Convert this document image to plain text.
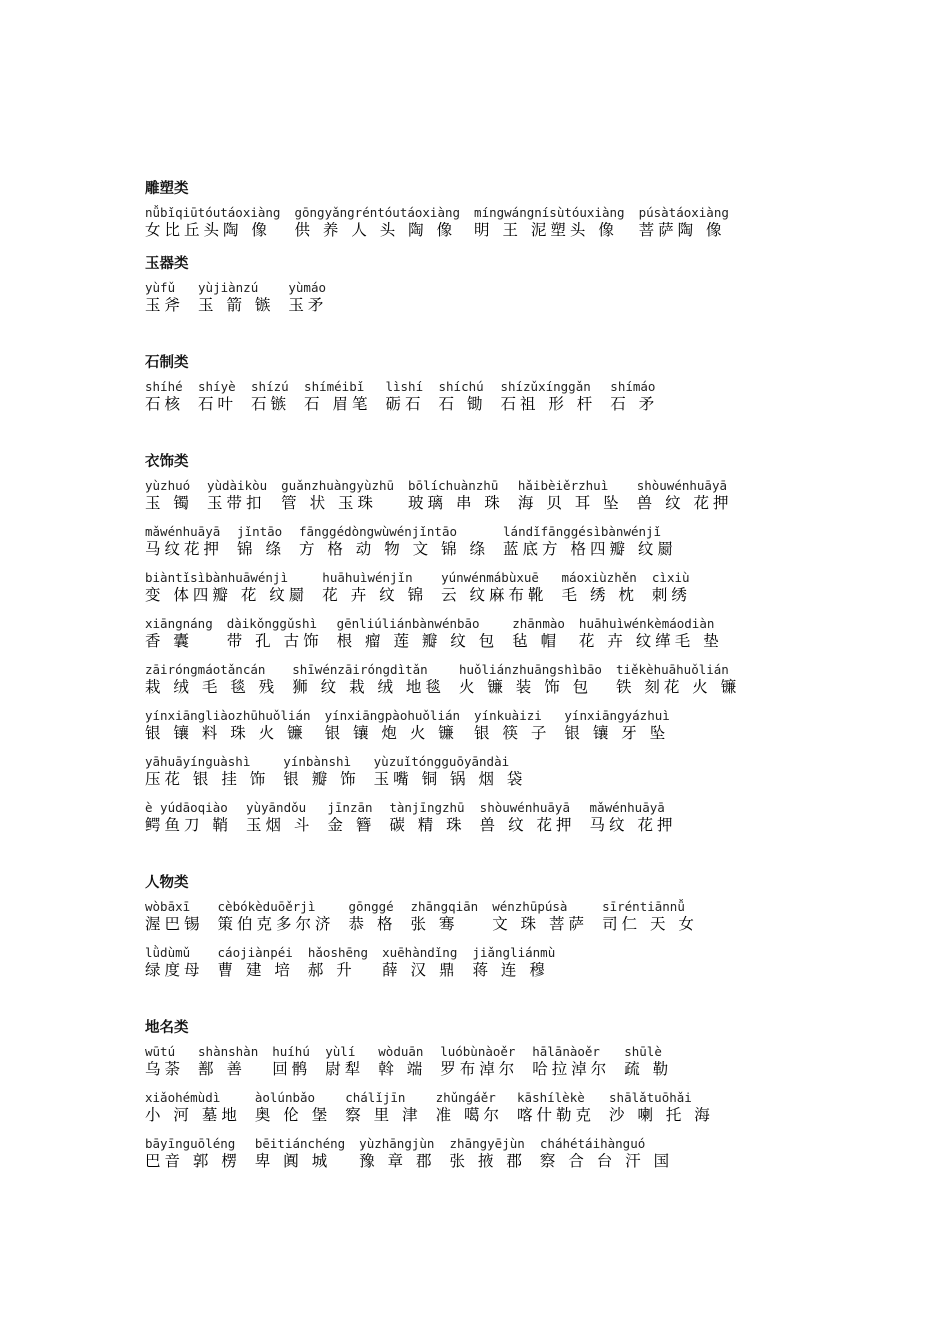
雕塑类
nǚbǐqiūtóutáoxiàng
女比丘头陶 像
gōngyǎngréntóutáoxiàng
供 养 人 头 陶 像
míngwángnísùtóuxiàng
明 王 泥塑头 像
púsàtáoxiàng
菩萨陶 像
玉器类
yùfǔ
玉斧
yùjiànzú
玉 箭 镞
yùmáo
玉矛
石制类
shíhé
石核
shíyè
石叶
shízú
石镞
shíméibǐ
石 眉笔
lìshí
砺石
shíchú
石 锄
shízǔxínggǎn
石祖 形 杆
shímáo
石 矛
衣饰类
yùzhuó
玉 镯
yùdàikòu
玉带扣
guǎnzhuàngyùzhū
管 状 玉珠
bōlíchuànzhū
玻璃 串 珠
hǎibèiěrzhuì
海 贝 耳 坠
shòuwénhuāyā
兽 纹 花押
mǎwénhuāyā
马纹花押
jǐntāo
锦 绦
fānggédòngwùwénjǐntāo
方 格 动 物 文 锦 绦
lándǐfānggésìbànwénjǐ
蓝底方 格四瓣 纹罽
biàntǐsìbànhuāwénjì
变 体四瓣 花 纹罽
huāhuìwénjǐn
花 卉 纹 锦
yúnwénmábùxuē
云 纹麻布靴
máoxiùzhěn
毛 绣 枕
cìxiù
刺绣
xiāngnáng
香 囊
dàikǒnggǔshì
带 孔 古饰
gēnliúliánbànwénbāo
根 瘤 莲 瓣 纹 包
zhānmào
毡 帽
huāhuìwénkèmáodiàn
花 卉 纹缂毛 垫
zāiróngmáotǎncán
栽 绒 毛 毯 残
shīwénzāiróngdìtǎn
狮 纹 栽 绒 地毯
huǒliánzhuāngshìbāo
火 镰 装 饰 包
tiěkèhuāhuǒlián
铁 刻花 火 镰
yínxiāngliàozhūhuǒlián
银 镶 料 珠 火 镰
yínxiāngpàohuǒlián
银 镶 炮 火 镰
yínkuàizi
银 筷 子
yínxiāngyázhuì
银 镶 牙 坠
yāhuāyínguàshì
压花 银 挂 饰
yínbànshì
银 瓣 饰
yùzuǐtóngguōyāndài
玉嘴 铜 锅 烟 袋
è yúdāoqiào
鳄鱼刀 鞘
yùyāndǒu
玉烟 斗
jīnzān
金 簪
tànjīngzhū
碳 精 珠
shòuwénhuāyā
兽 纹 花押
mǎwénhuāyā
马纹 花押
人物类
wòbāxī
渥巴锡
cèbókèduōěrjì
策伯克多尔济
gōnggé
恭 格
zhāngqiān
张 骞
wénzhūpúsà
文 珠 菩萨
sīréntiānnǚ
司仁 天 女
lǜdùmǔ
绿度母
cáojiànpéi
曹 建 培
hǎoshēng
郝 升
xuēhàndǐng
薛 汉 鼎
jiǎngliánmù
蒋 连 穆
地名类
wūtú
乌荼
shànshàn
鄯 善
huíhú
回鹘
yùlí
尉犁
wòduān
斡 端
luóbùnàoěr
罗布淖尔
hālānàoěr
哈拉淖尔
shūlè
疏 勒
xiǎohémùdì
小 河 墓地
àolúnbǎo
奥 伦 堡
chálǐjīn
察 里 津
zhǔngáěr
准 噶尔
kāshílèkè
喀什勒克
shālǎtuōhǎi
沙 喇 托 海
bāyīnguōléng
巴音 郭 楞
bēitiánchéng
卑 阗 城
yùzhāngjùn
豫 章 郡
zhāngyējùn
张 掖 郡
cháhétáihànguó
察 合 台 汗 国
